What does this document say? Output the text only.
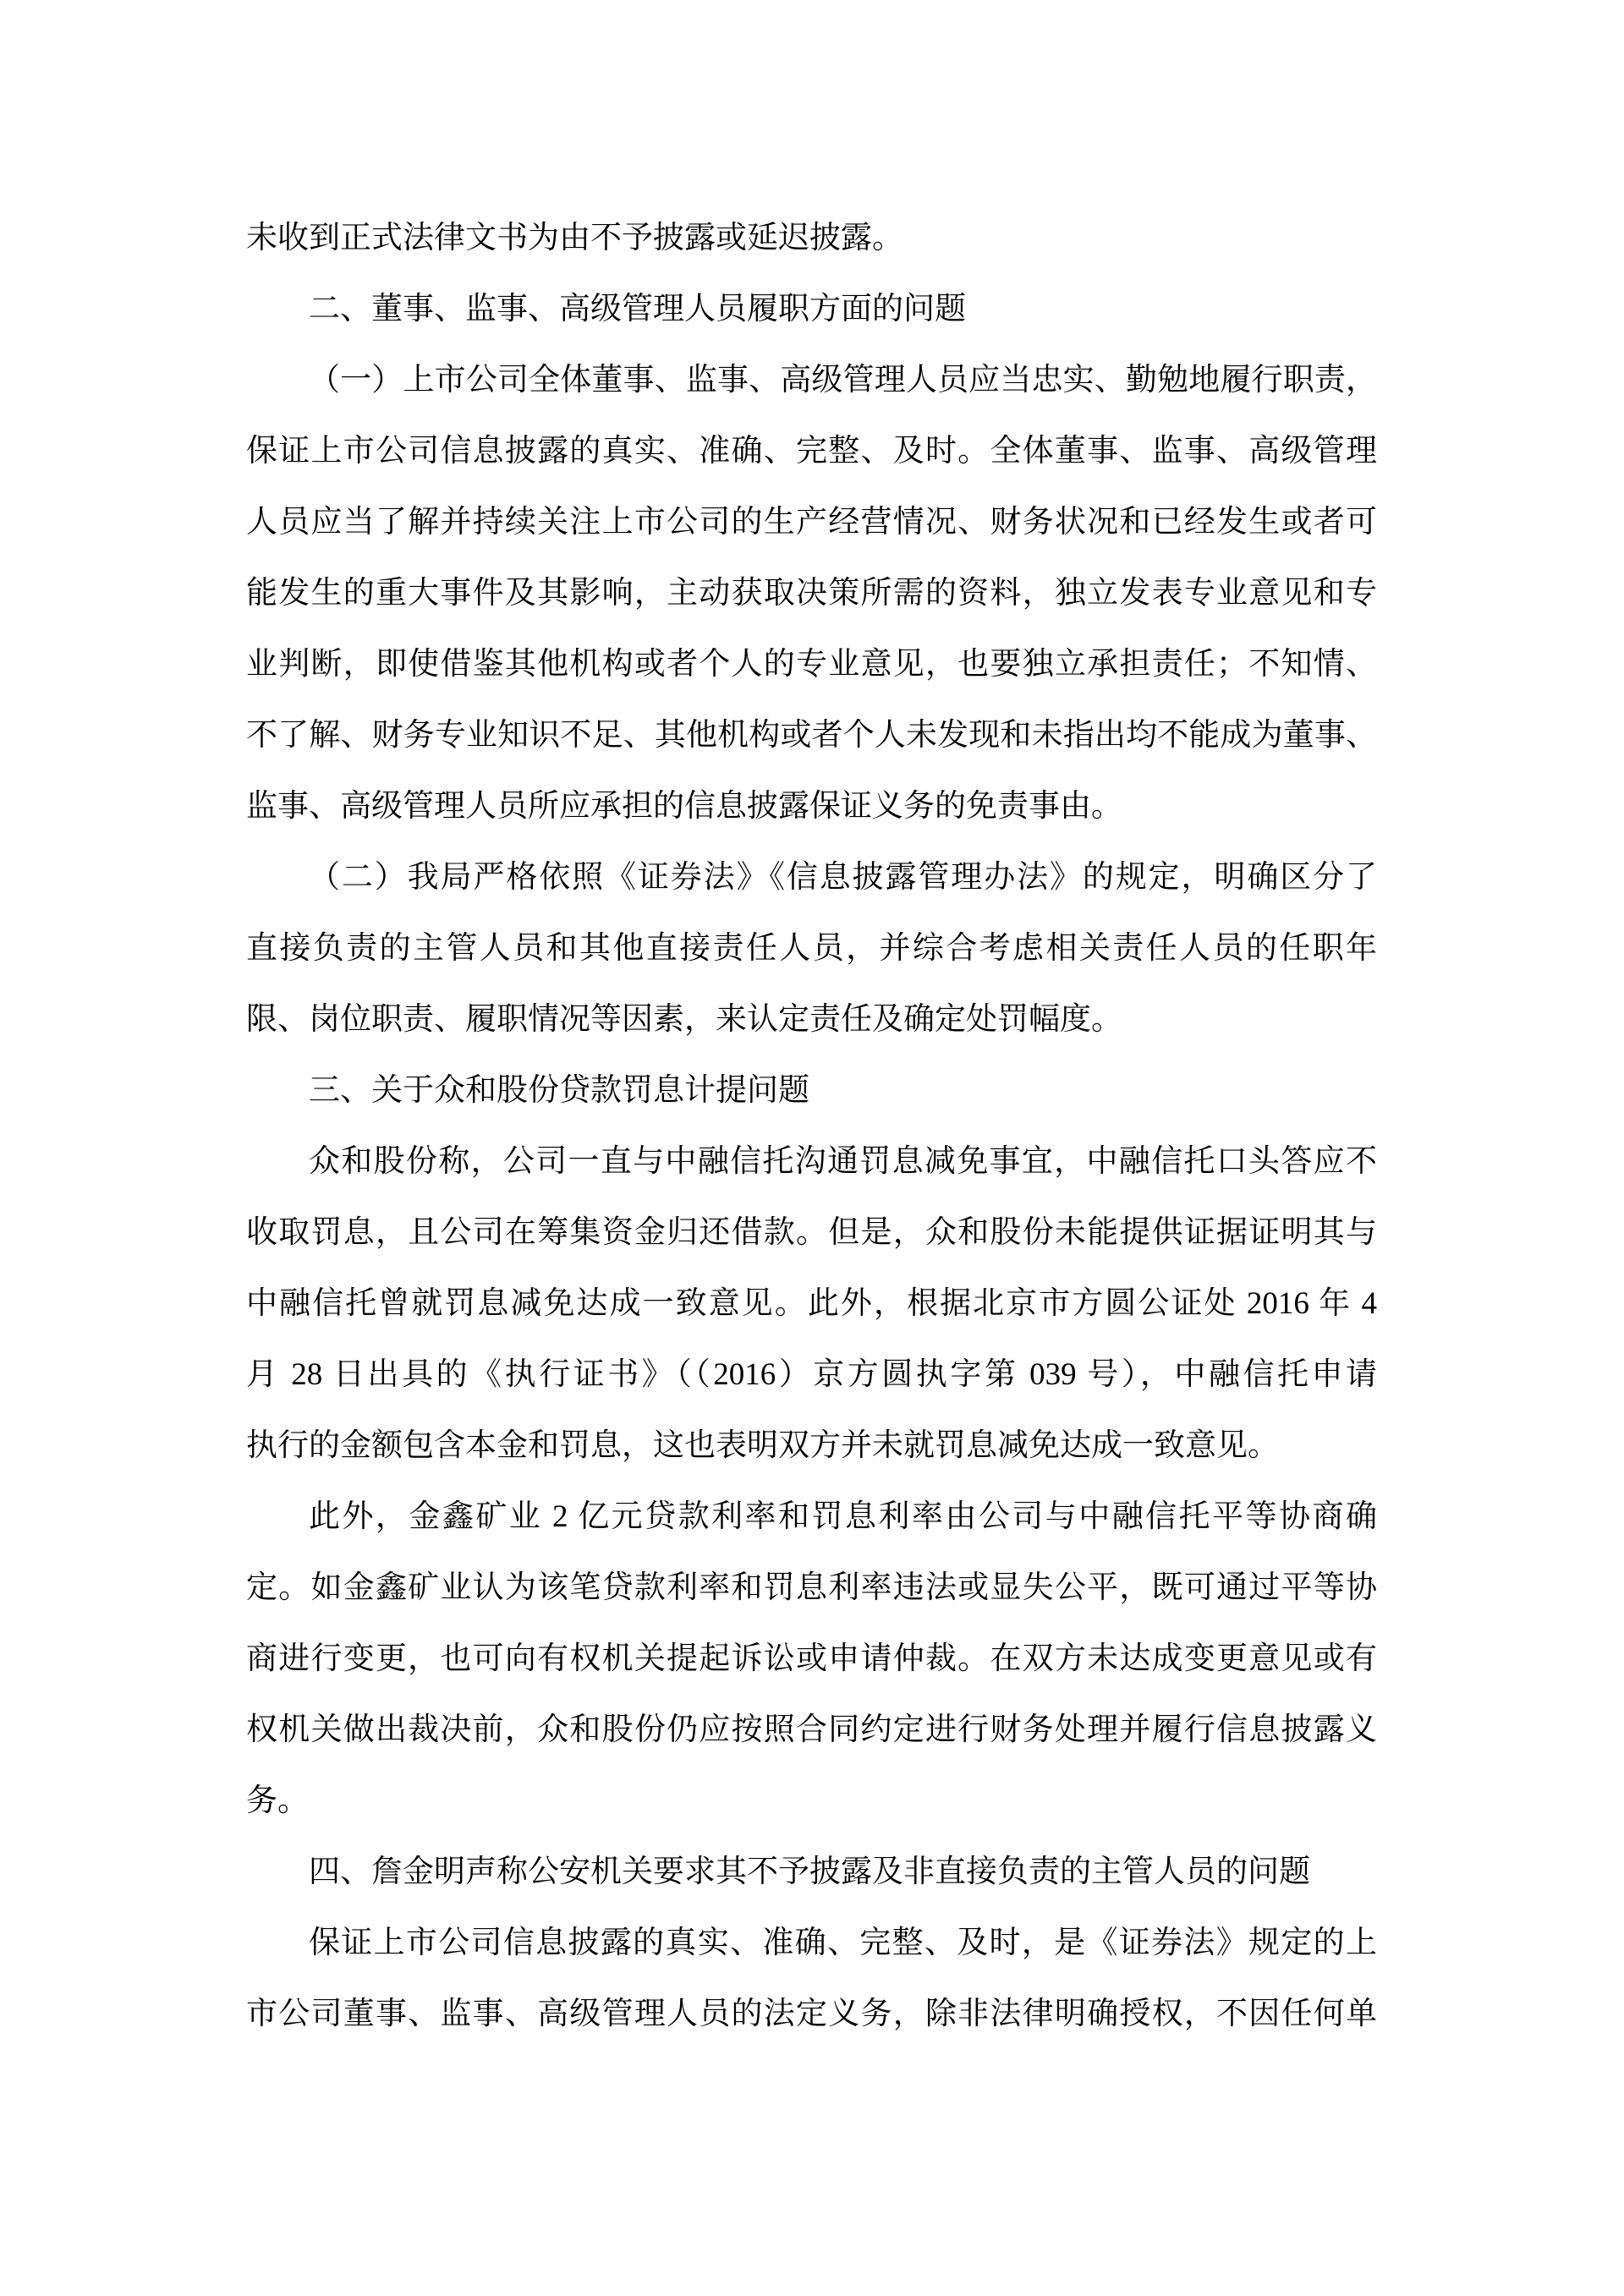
未收到正式法律文书为由不予披露或延迟披露。
二、董事、监事、高级管理人员履职方面的问题
（一）上市公司全体董事、监事、高级管理人员应当忠实、勤勉地履行职责，
保证上市公司信息披露的真实、准确、完整、及时。全体董事、监事、高级管理
人员应当了解并持续关注上市公司的生产经营情况、财务状况和已经发生或者可
能发生的重大事件及其影响，主动获取决策所需的资料，独立发表专业意见和专
业判断，即使借鉴其他机构或者个人的专业意见，也要独立承担责任；不知情、
不了解、财务专业知识不足、其他机构或者个人未发现和未指出均不能成为董事、
监事、高级管理人员所应承担的信息披露保证义务的免责事由。
（二）我局严格依照《证券法》《信息披露管理办法》的规定，明确区分了
直接负责的主管人员和其他直接责任人员，并综合考虑相关责任人员的任职年
限、岗位职责、履职情况等因素，来认定责任及确定处罚幅度。
三、关于众和股份贷款罚息计提问题
众和股份称，公司一直与中融信托沟通罚息减免事宜，中融信托口头答应不
收取罚息，且公司在筹集资金归还借款。但是，众和股份未能提供证据证明其与
中融信托曾就罚息减免达成一致意见。此外，根据北京市方圆公证处 2016 年 4
月 28 日出具的《执行证书》（（2016）京方圆执字第 039 号），中融信托申请
执行的金额包含本金和罚息，这也表明双方并未就罚息减免达成一致意见。
此外，金鑫矿业 2 亿元贷款利率和罚息利率由公司与中融信托平等协商确
定。如金鑫矿业认为该笔贷款利率和罚息利率违法或显失公平，既可通过平等协
商进行变更，也可向有权机关提起诉讼或申请仲裁。在双方未达成变更意见或有
权机关做出裁决前，众和股份仍应按照合同约定进行财务处理并履行信息披露义
务。
四、詹金明声称公安机关要求其不予披露及非直接负责的主管人员的问题
保证上市公司信息披露的真实、准确、完整、及时，是《证券法》规定的上
市公司董事、监事、高级管理人员的法定义务，除非法律明确授权，不因任何单
